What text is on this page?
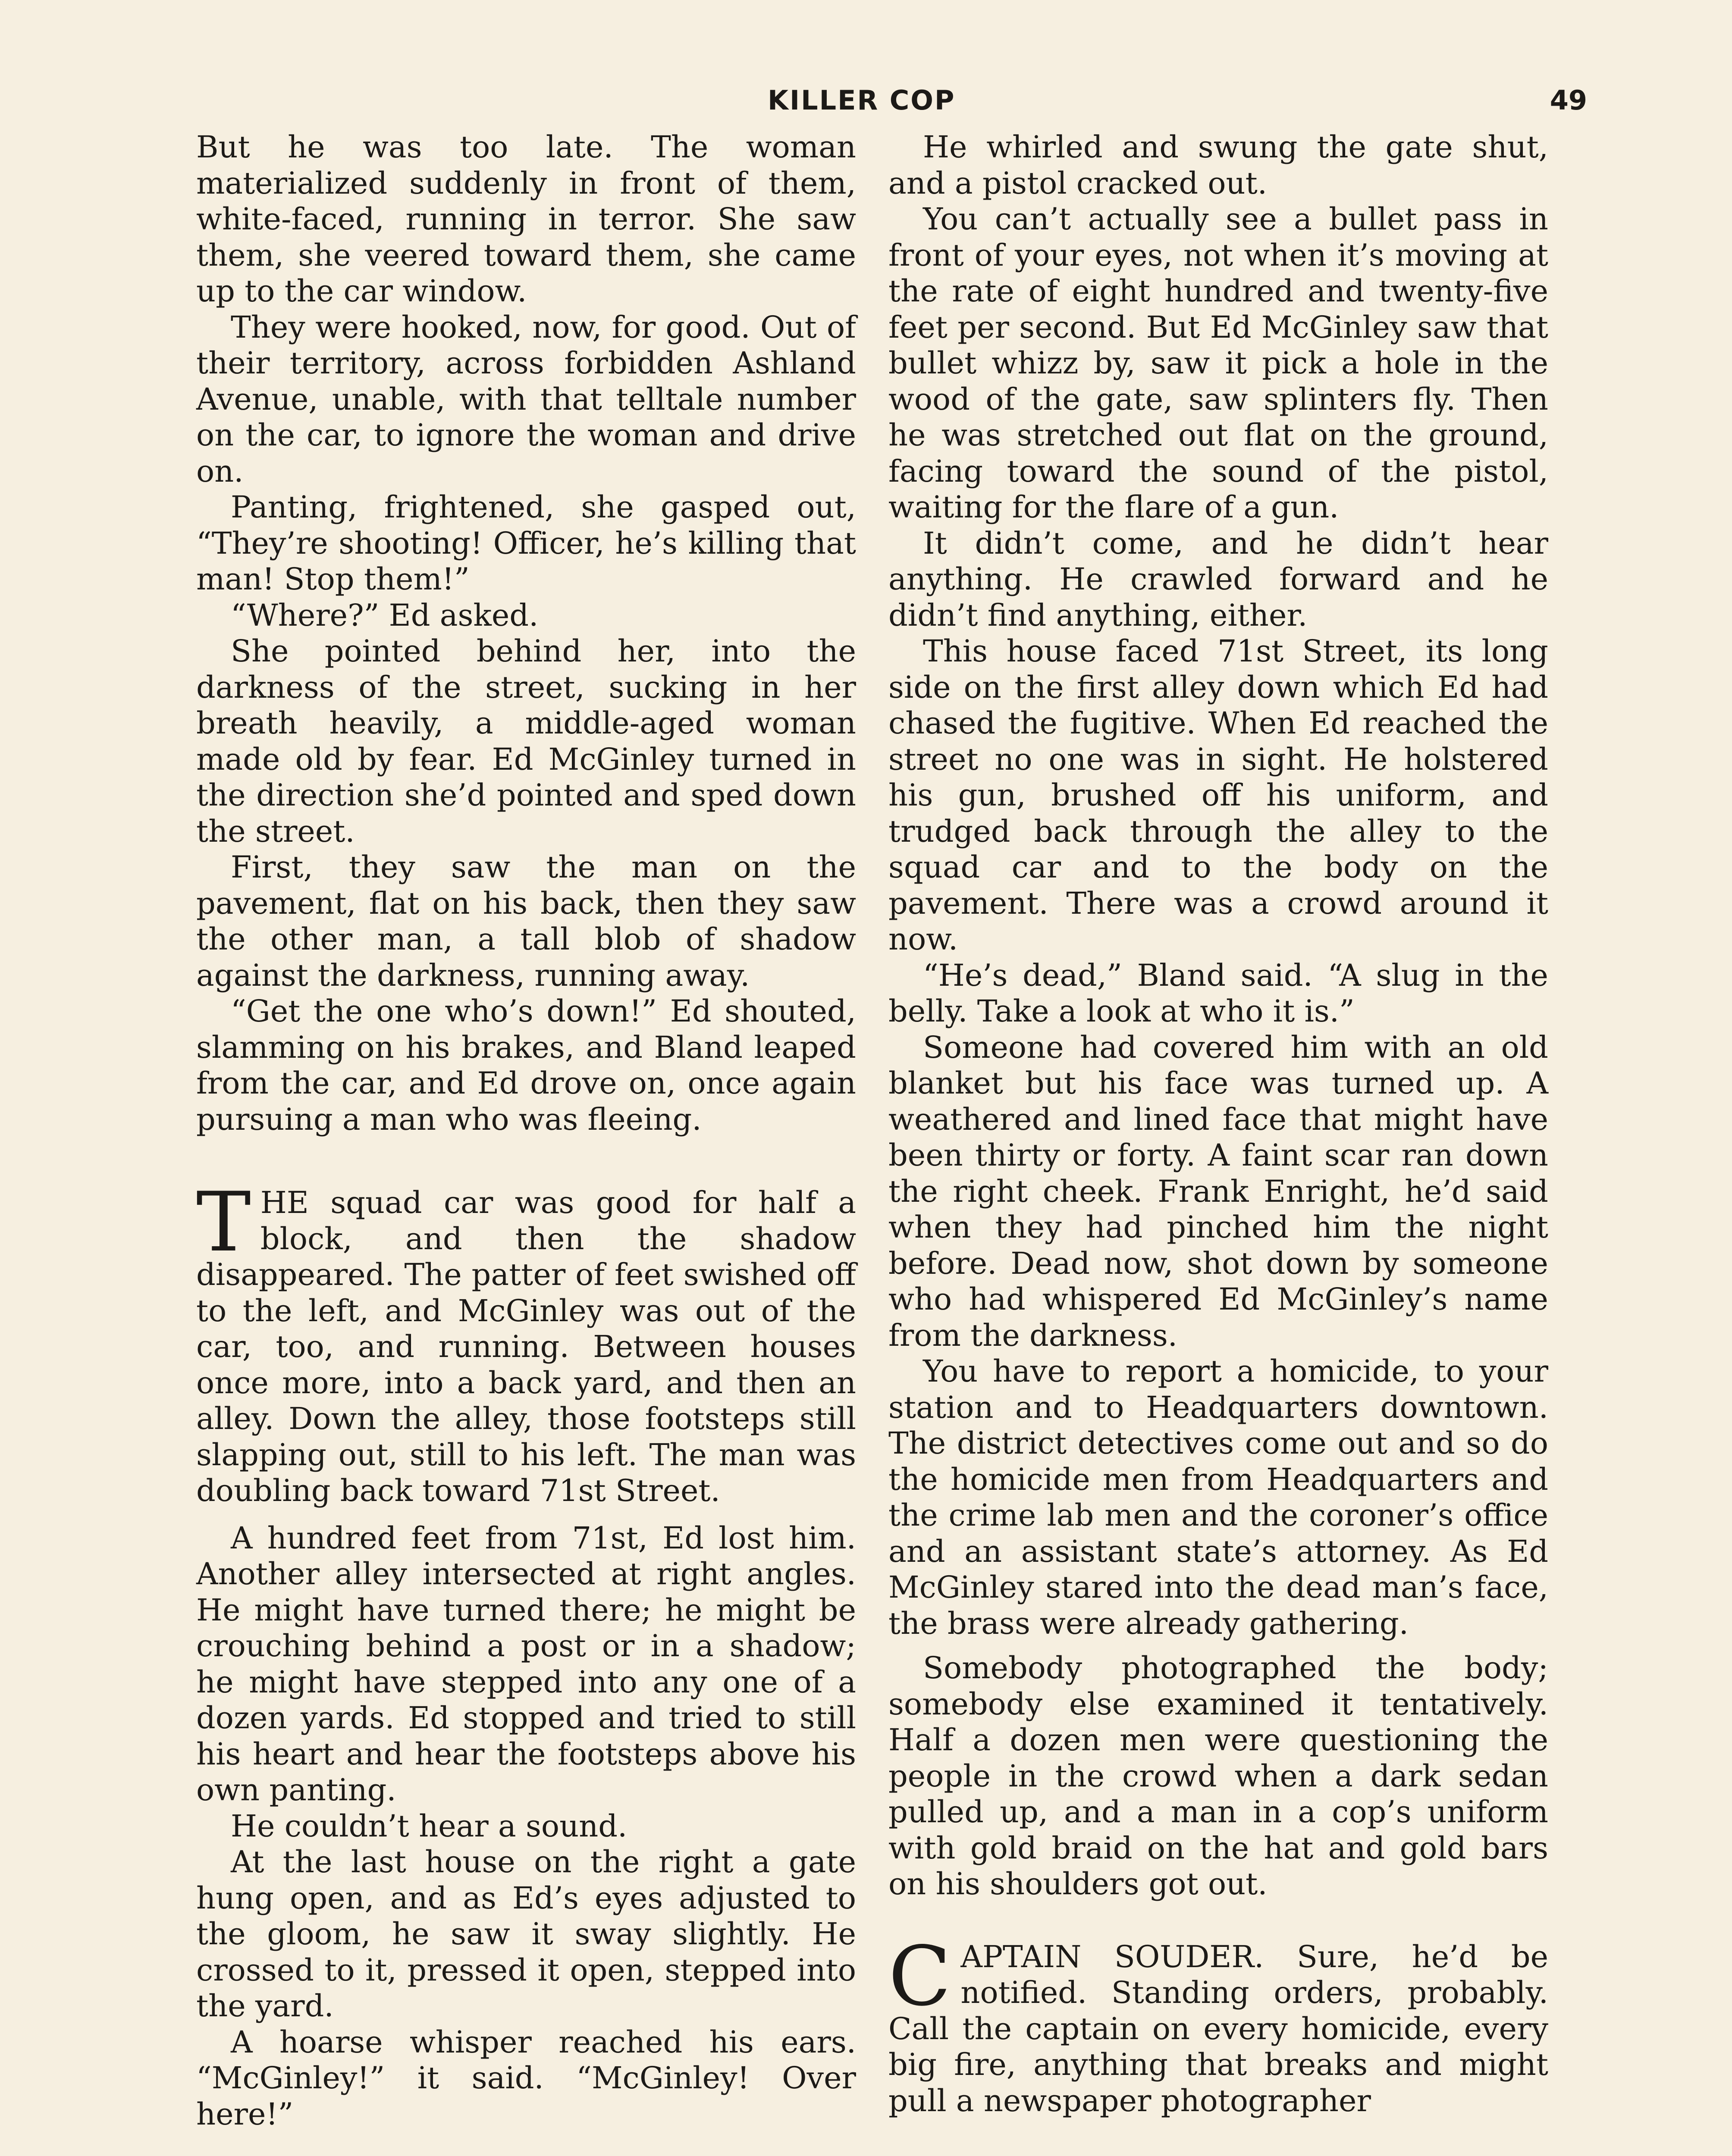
KILLER COP	49

But he was too late. The woman materialized suddenly in front of them, white-faced, running in terror. She saw them, she veered toward them, she came up to the car window.

They were hooked, now, for good. Out of their territory, across forbidden Ashland Avenue, unable, with that telltale number on the car, to ignore the woman and drive on.

Panting, frightened, she gasped out, “They’re shooting! Officer, he’s killing that man! Stop them!”

“Where?” Ed asked.

She pointed behind her, into the darkness of the street, sucking in her breath heavily, a middle-aged woman made old by fear. Ed McGinley turned in the direction she’d pointed and sped down the street.

First, they saw the man on the pavement, flat on his back, then they saw the other man, a tall blob of shadow against the darkness, running away.

“Get the one who’s down!” Ed shouted, slamming on his brakes, and Bland leaped from the car, and Ed drove on, once again pursuing a man who was fleeing.

THE squad car was good for half a block, and then the shadow disappeared. The patter of feet swished off to the left, and McGinley was out of the car, too, and running. Between houses once more, into a back yard, and then an alley. Down the alley, those footsteps still slapping out, still to his left. The man was doubling back toward 71st Street.

A hundred feet from 71st, Ed lost him. Another alley intersected at right angles. He might have turned there; he might be crouching behind a post or in a shadow; he might have stepped into any one of a dozen yards. Ed stopped and tried to still his heart and hear the footsteps above his own panting.

He couldn’t hear a sound.

At the last house on the right a gate hung open, and as Ed’s eyes adjusted to the gloom, he saw it sway slightly. He crossed to it, pressed it open, stepped into the yard.

A hoarse whisper reached his ears. “McGinley!” it said. “McGinley! Over here!”

He whirled and swung the gate shut, and a pistol cracked out.

You can’t actually see a bullet pass in front of your eyes, not when it’s moving at the rate of eight hundred and twenty-five feet per second. But Ed McGinley saw that bullet whizz by, saw it pick a hole in the wood of the gate, saw splinters fly. Then he was stretched out flat on the ground, facing toward the sound of the pistol, waiting for the flare of a gun.

It didn’t come, and he didn’t hear anything. He crawled forward and he didn’t find anything, either.

This house faced 71st Street, its long side on the first alley down which Ed had chased the fugitive. When Ed reached the street no one was in sight. He holstered his gun, brushed off his uniform, and trudged back through the alley to the squad car and to the body on the pavement. There was a crowd around it now.

“He’s dead,” Bland said. “A slug in the belly. Take a look at who it is.”

Someone had covered him with an old blanket but his face was turned up. A weathered and lined face that might have been thirty or forty. A faint scar ran down the right cheek. Frank Enright, he’d said when they had pinched him the night before. Dead now, shot down by someone who had whispered Ed McGinley’s name from the darkness.

You have to report a homicide, to your station and to Headquarters downtown. The district detectives come out and so do the homicide men from Headquarters and the crime lab men and the coroner’s office and an assistant state’s attorney. As Ed McGinley stared into the dead man’s face, the brass were already gathering.

Somebody photographed the body; somebody else examined it tentatively. Half a dozen men were questioning the people in the crowd when a dark sedan pulled up, and a man in a cop’s uniform with gold braid on the hat and gold bars on his shoulders got out.

CAPTAIN SOUDER. Sure, he’d be notified. Standing orders, probably. Call the captain on every homicide, every big fire, anything that breaks and might pull a newspaper photographer
